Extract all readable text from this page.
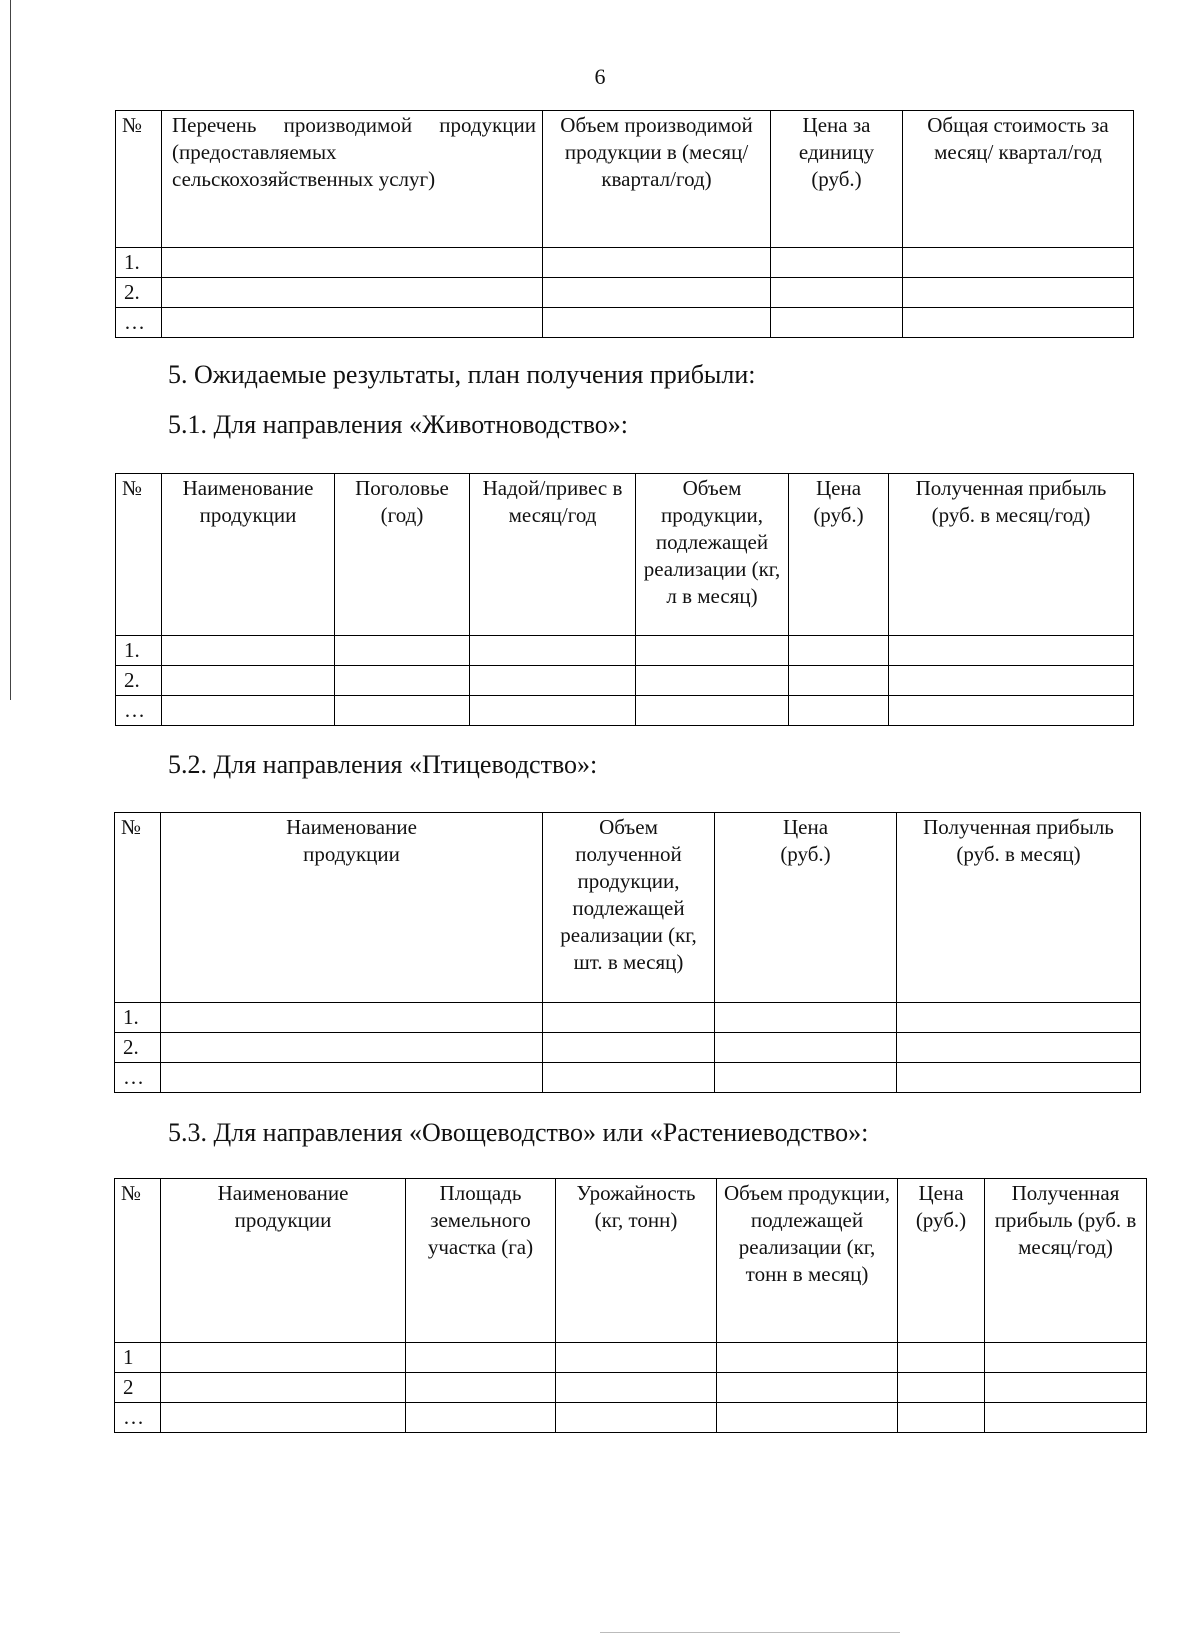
6
№	Перечень производимой продукции (предоставляемых сельскохозяйственных услуг)	Объем производимой продукции в (месяц/ квартал/год)	Цена за единицу (руб.)	Общая стоимость за месяц/ квартал/год
1.				
2.				
…				
5. Ожидаемые результаты, план получения прибыли:
5.1. Для направления «Животноводство»:
№	Наименование продукции	Поголовье (год)	Надой/привес в месяц/год	Объем продукции, подлежащей реализации (кг, л в месяц)	Цена (руб.)	Полученная прибыль (руб. в месяц/год)
1.						
2.						
…						
5.2. Для направления «Птицеводство»:
№	Наименование продукции	Объем полученной продукции, подлежащей реализации (кг, шт. в месяц)	Цена (руб.)	Полученная прибыль (руб. в месяц)
1.				
2.				
…				
5.3. Для направления «Овощеводство» или «Растениеводство»:
№	Наименование продукции	Площадь земельного участка (га)	Урожайность (кг, тонн)	Объем продукции, подлежащей реализации (кг, тонн в месяц)	Цена (руб.)	Полученная прибыль (руб. в месяц/год)
1						
2						
…						
